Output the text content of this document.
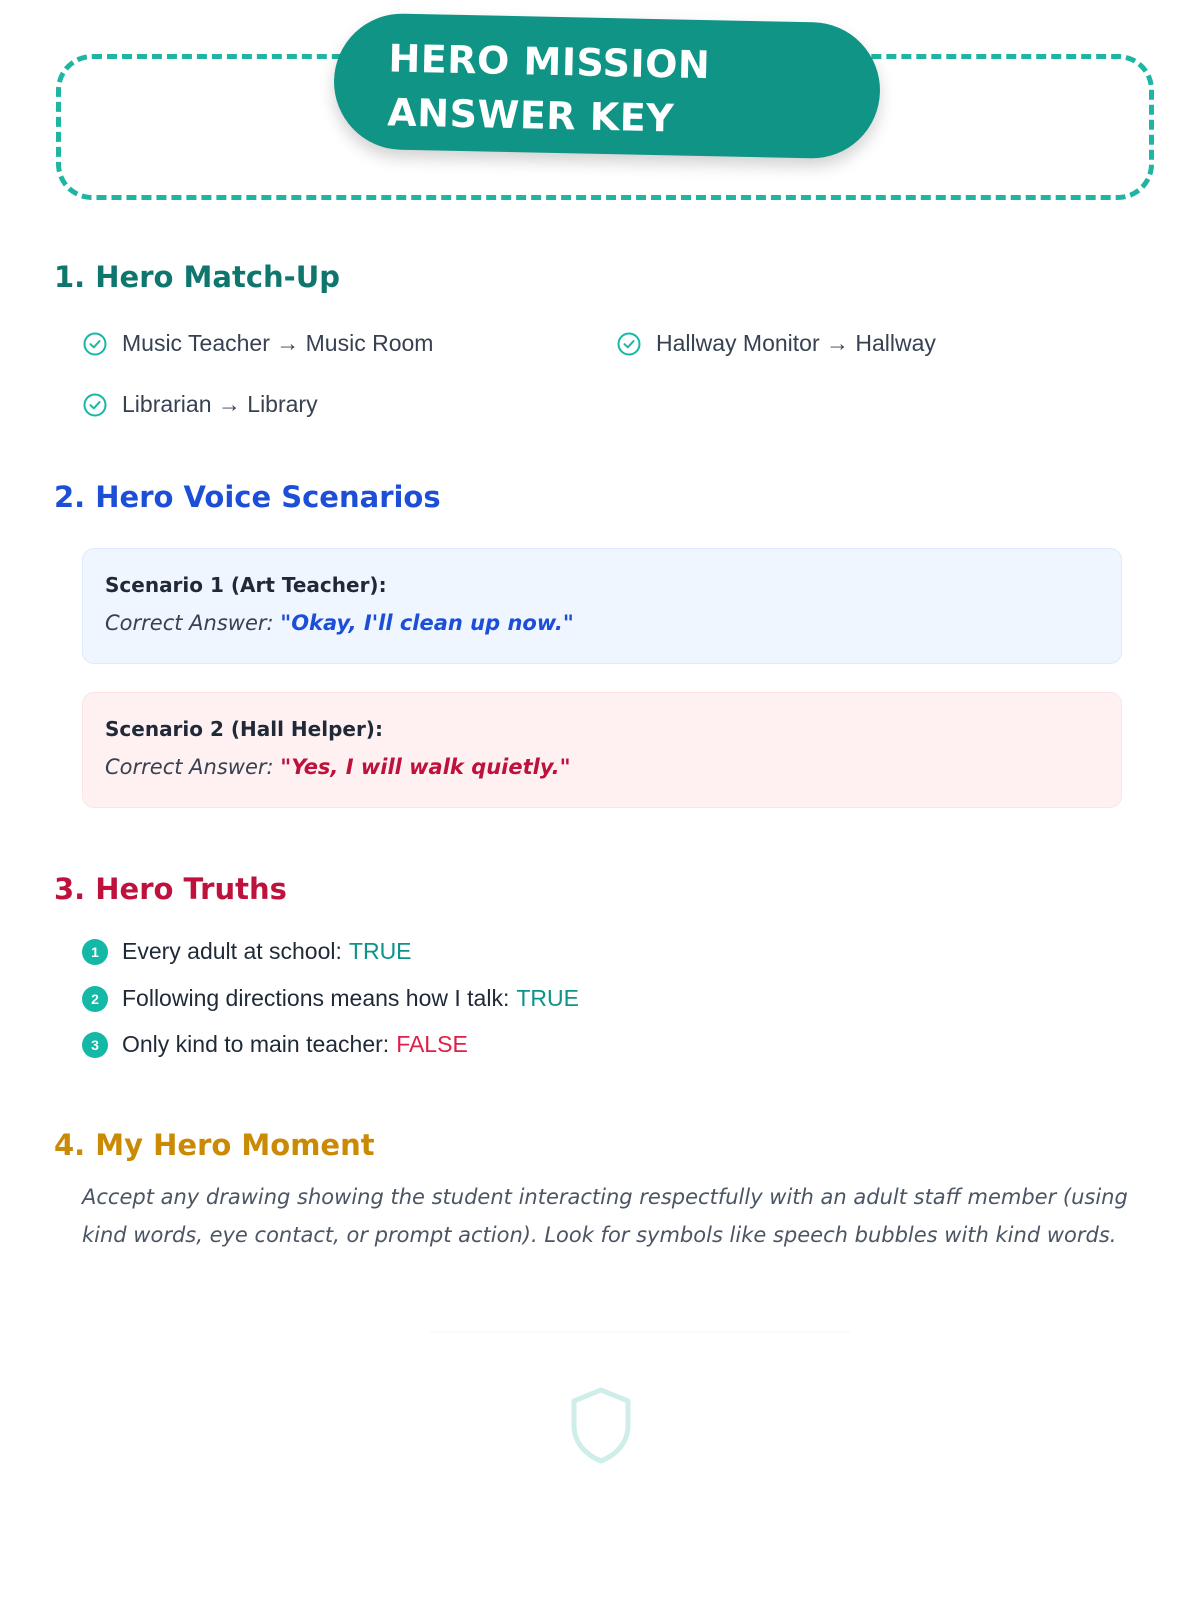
HERO MISSION
ANSWER KEY
1. Hero Match-Up
Music Teacher → Music Room	Hallway Monitor → Hallway
Librarian → Library
2. Hero Voice Scenarios
Scenario 1 (Art Teacher):
Correct Answer: "Okay, I'll clean up now."
Scenario 2 (Hall Helper):
Correct Answer: "Yes, I will walk quietly."
3. Hero Truths
1	Every adult at school: TRUE
2	Following directions means how I talk: TRUE
3	Only kind to main teacher: FALSE
4. My Hero Moment
Accept any drawing showing the student interacting respectfully with an adult staff member (using kind words, eye contact, or prompt action). Look for symbols like speech bubbles with kind words.
